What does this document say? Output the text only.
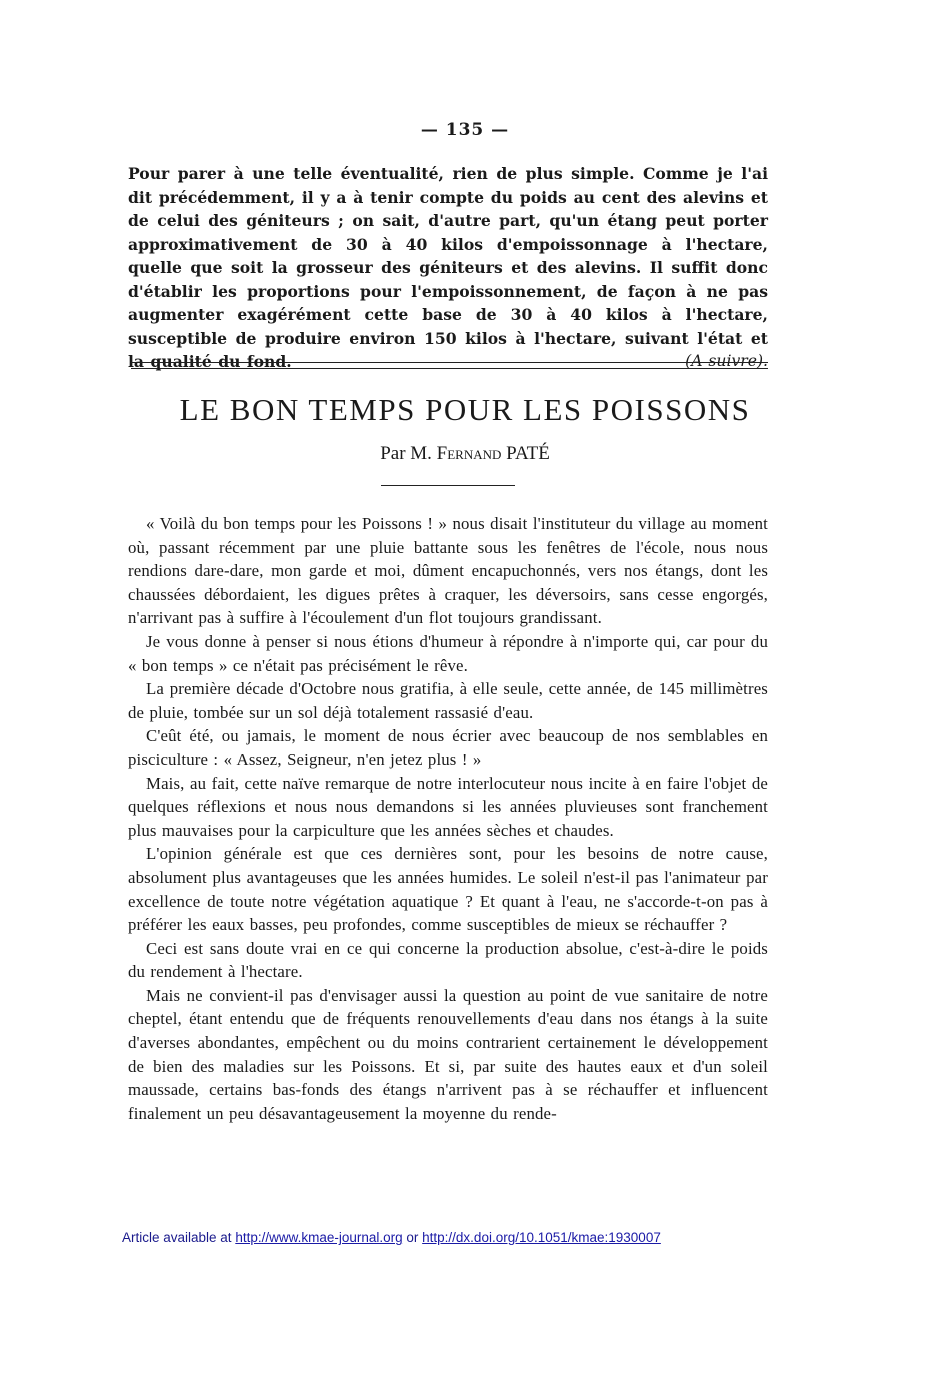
— 135 —

Pour parer à une telle éventualité, rien de plus simple. Comme je l'ai dit précédemment, il y a à tenir compte du poids au cent des alevins et de celui des géniteurs ; on sait, d'autre part, qu'un étang peut porter approximativement de 30 à 40 kilos d'empoissonnage à l'hectare, quelle que soit la grosseur des géniteurs et des alevins. Il suffit donc d'établir les proportions pour l'empoissonnement, de façon à ne pas augmenter exagérément cette base de 30 à 40 kilos à l'hectare, susceptible de produire environ 150 kilos à l'hectare, suivant l'état et la qualité du fond.	(A suivre).

LE BON TEMPS POUR LES POISSONS
Par M. Fernand PATÉ

« Voilà du bon temps pour les Poissons ! » nous disait l'instituteur du village au moment où, passant récemment par une pluie battante sous les fenêtres de l'école, nous nous rendions dare-dare, mon garde et moi, dûment encapuchonnés, vers nos étangs, dont les chaussées débordaient, les digues prêtes à craquer, les déversoirs, sans cesse engorgés, n'arrivant pas à suffire à l'écoulement d'un flot toujours grandissant.

Je vous donne à penser si nous étions d'humeur à répondre à n'importe qui, car pour du « bon temps » ce n'était pas précisément le rêve.

La première décade d'Octobre nous gratifia, à elle seule, cette année, de 145 millimètres de pluie, tombée sur un sol déjà totalement rassasié d'eau.

C'eût été, ou jamais, le moment de nous écrier avec beaucoup de nos semblables en pisciculture : « Assez, Seigneur, n'en jetez plus ! »

Mais, au fait, cette naïve remarque de notre interlocuteur nous incite à en faire l'objet de quelques réflexions et nous nous demandons si les années pluvieuses sont franchement plus mauvaises pour la carpiculture que les années sèches et chaudes.

L'opinion générale est que ces dernières sont, pour les besoins de notre cause, absolument plus avantageuses que les années humides. Le soleil n'est-il pas l'animateur par excellence de toute notre végétation aquatique ? Et quant à l'eau, ne s'accorde-t-on pas à préférer les eaux basses, peu profondes, comme susceptibles de mieux se réchauffer ?

Ceci est sans doute vrai en ce qui concerne la production absolue, c'est-à-dire le poids du rendement à l'hectare.

Mais ne convient-il pas d'envisager aussi la question au point de vue sanitaire de notre cheptel, étant entendu que de fréquents renouvellements d'eau dans nos étangs à la suite d'averses abondantes, empêchent ou du moins contrarient certainement le développement de bien des maladies sur les Poissons. Et si, par suite des hautes eaux et d'un soleil maussade, certains bas-fonds des étangs n'arrivent pas à se réchauffer et influencent finalement un peu désavantageusement la moyenne du rende-

Article available at http://www.kmae-journal.org or http://dx.doi.org/10.1051/kmae:1930007
